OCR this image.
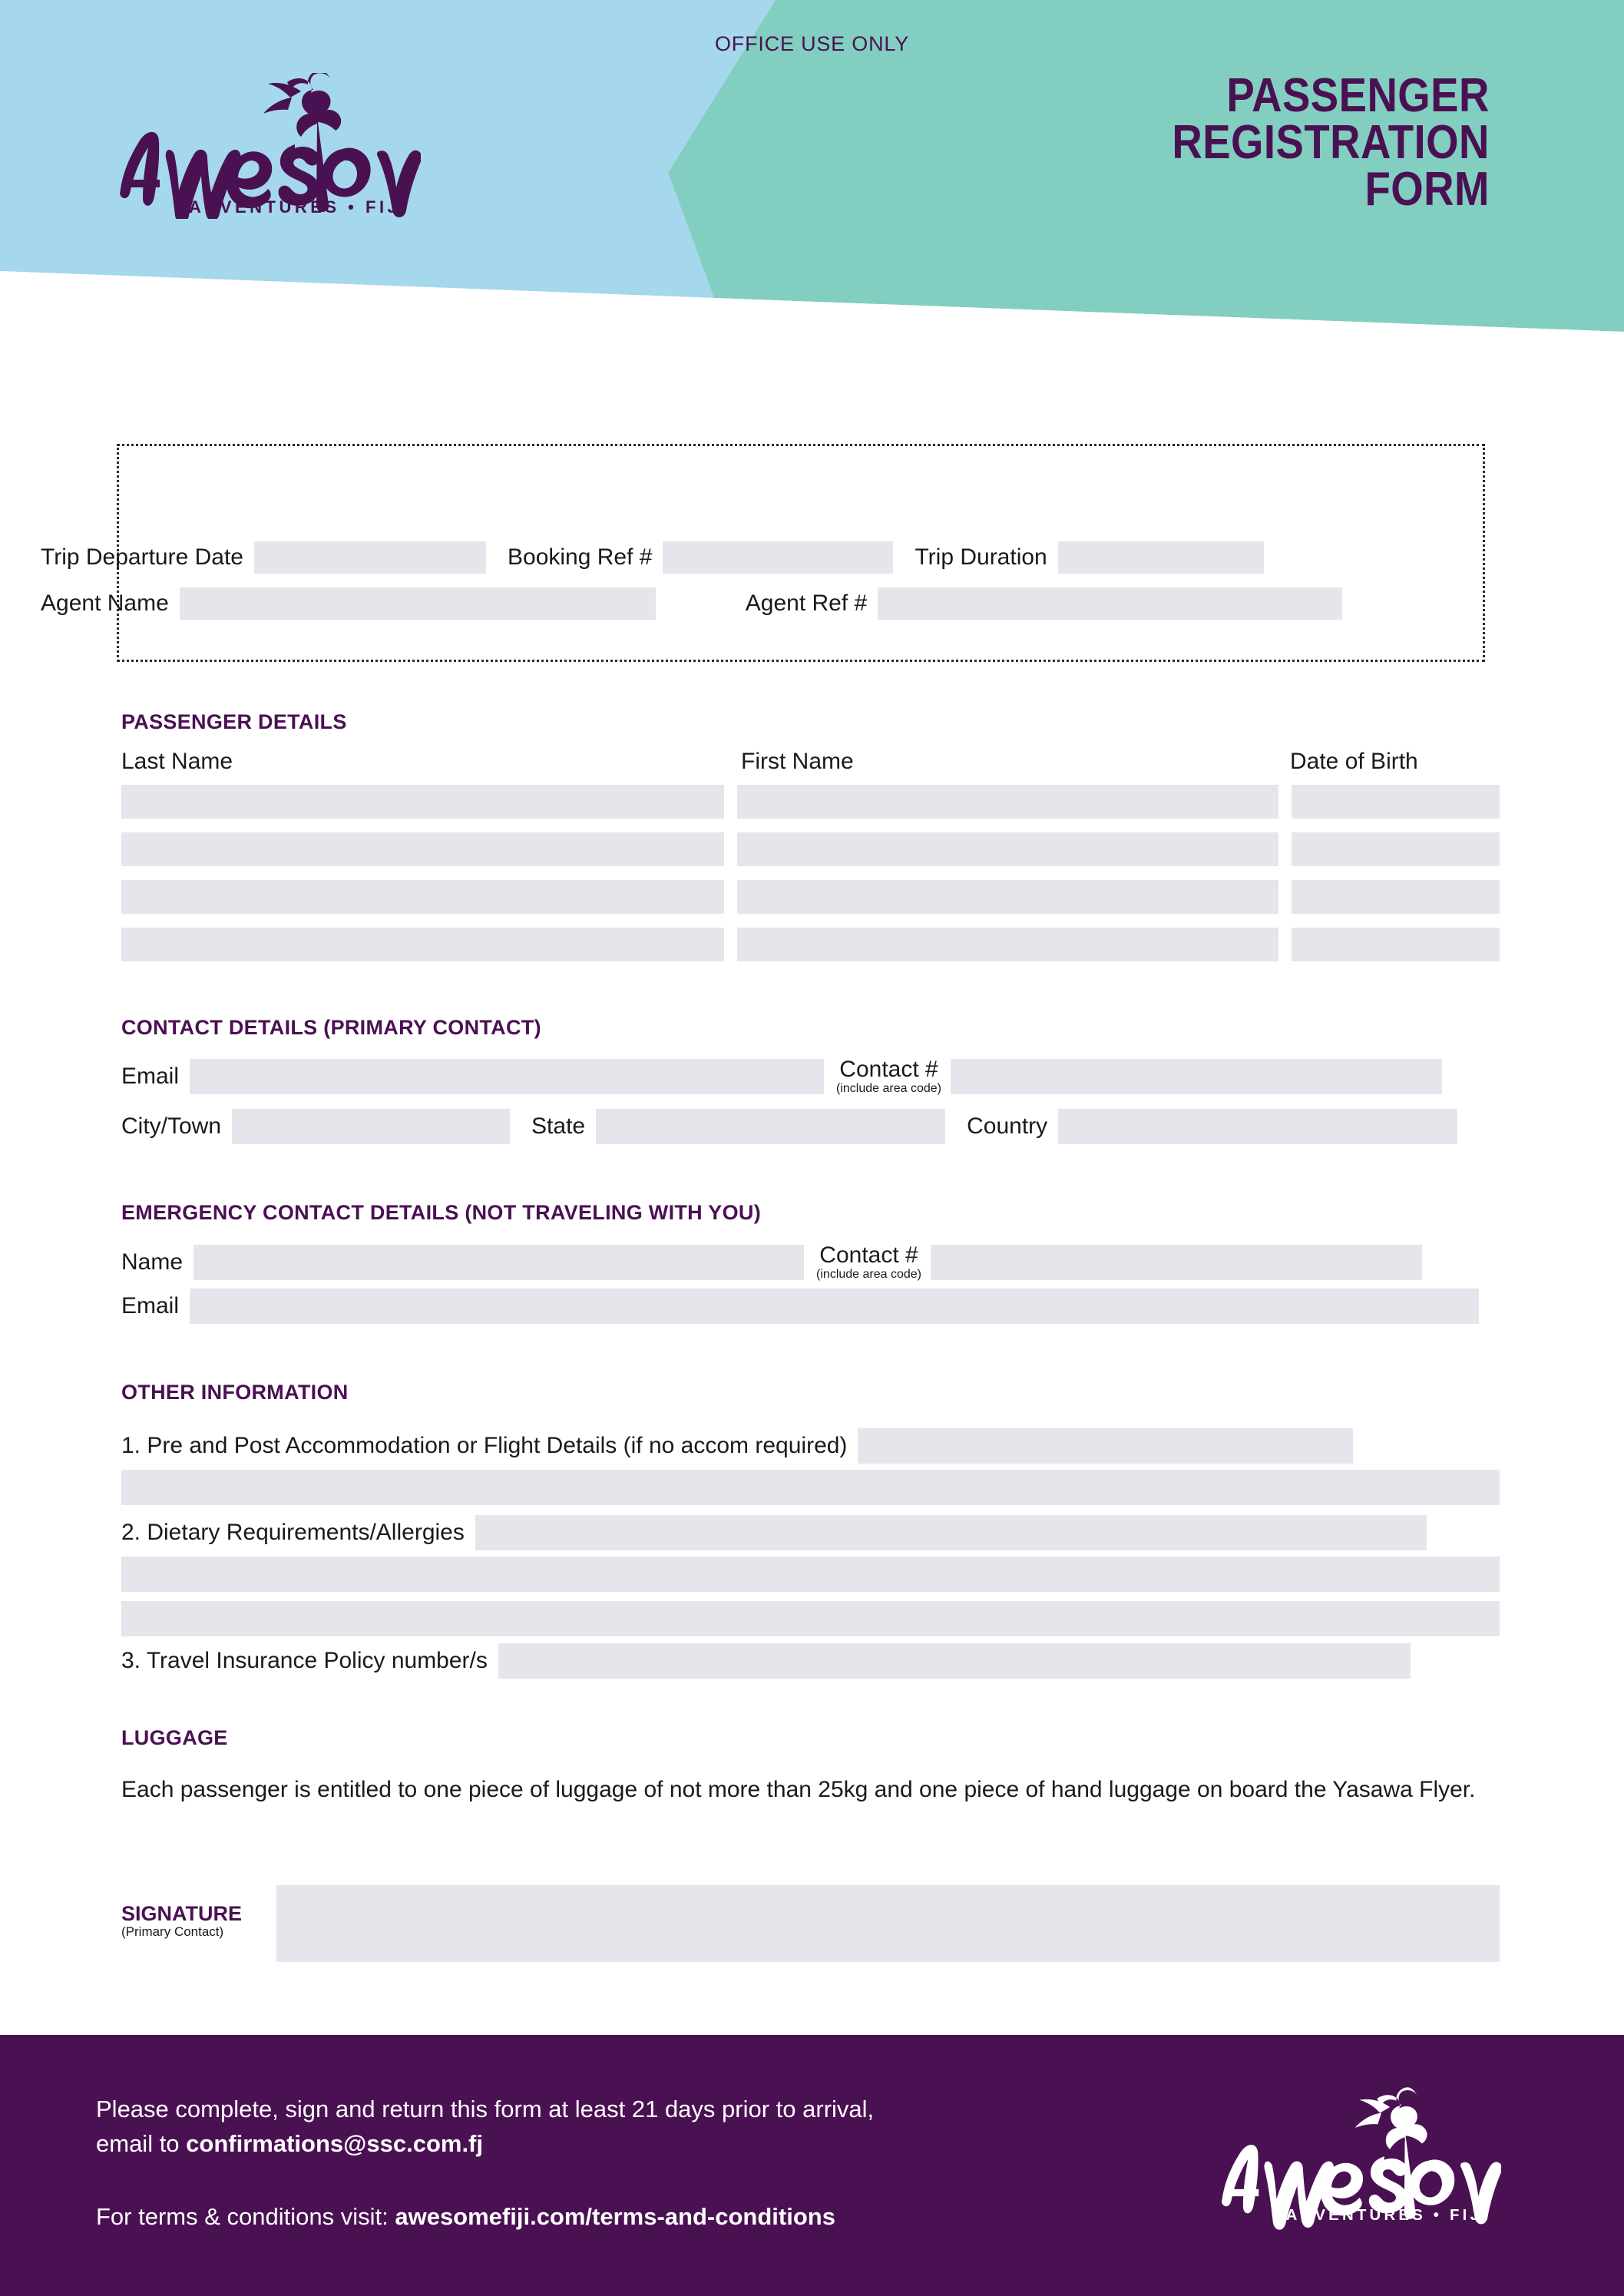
ADVENTURES • FIJI
PASSENGER
REGISTRATION
FORM
OFFICE USE ONLY
Trip Departure Date	Booking Ref #	Trip Duration
Agent Name	Agent Ref #
PASSENGER DETAILS
Last Name	First Name	Date of Birth
CONTACT DETAILS (PRIMARY CONTACT)
Email	Contact #
(include area code)
City/Town	State	Country
EMERGENCY CONTACT DETAILS (NOT TRAVELING WITH YOU)
Name	Contact #
(include area code)
Email
OTHER INFORMATION
1. Pre and Post Accommodation or Flight Details (if no accom required)
2. Dietary Requirements/Allergies
3. Travel Insurance Policy number/s
LUGGAGE
Each passenger is entitled to one piece of luggage of not more than 25kg and one piece of hand luggage on board the Yasawa Flyer.
SIGNATURE
(Primary Contact)
Please complete, sign and return this form at least 21 days prior to arrival,
email to confirmations@ssc.com.fj
For terms & conditions visit: awesomefiji.com/terms-and-conditions	ADVENTURES • FIJI
